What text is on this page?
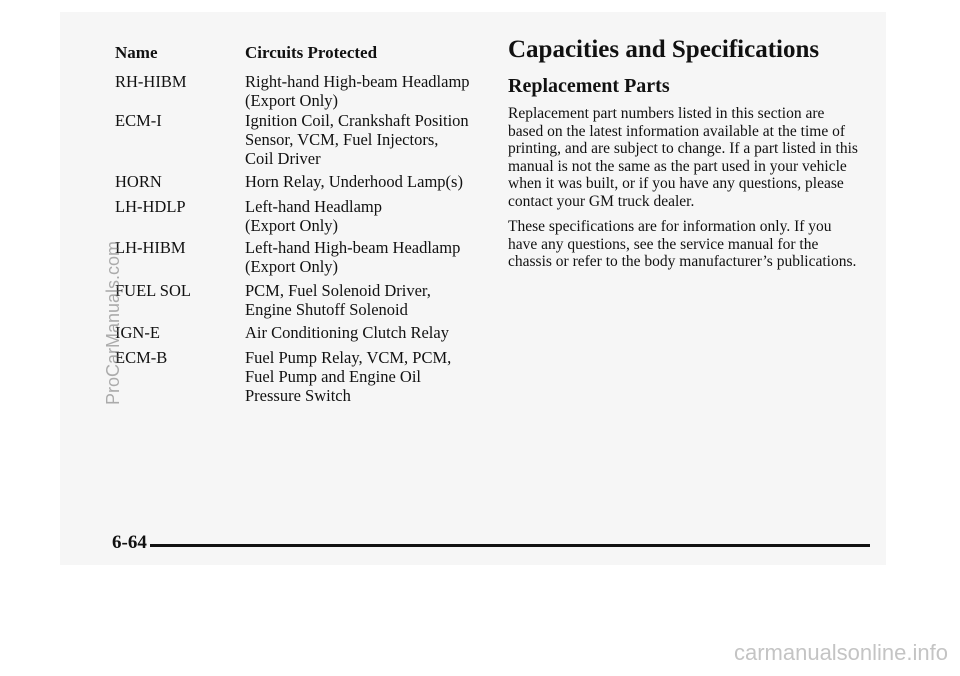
Name	Circuits Protected
RH-HIBM	Right-hand High-beam Headlamp
(Export Only)
ECM-I	Ignition Coil, Crankshaft Position
Sensor, VCM, Fuel Injectors,
Coil Driver
HORN	Horn Relay, Underhood Lamp(s)
LH-HDLP	Left-hand Headlamp
(Export Only)
LH-HIBM	Left-hand High-beam Headlamp
(Export Only)
FUEL SOL	PCM, Fuel Solenoid Driver,
Engine Shutoff Solenoid
IGN-E	Air Conditioning Clutch Relay
ECM-B	Fuel Pump Relay, VCM, PCM,
Fuel Pump and Engine Oil
Pressure Switch
Capacities and Specifications
Replacement Parts
Replacement part numbers listed in this section are
based on the latest information available at the time of
printing, and are subject to change. If a part listed in this
manual is not the same as the part used in your vehicle
when it was built, or if you have any questions, please
contact your GM truck dealer.
These specifications are for information only. If you
have any questions, see the service manual for the
chassis or refer to the body manufacturer’s publications.
6-64
ProCarManuals.com
carmanualsonline.info
